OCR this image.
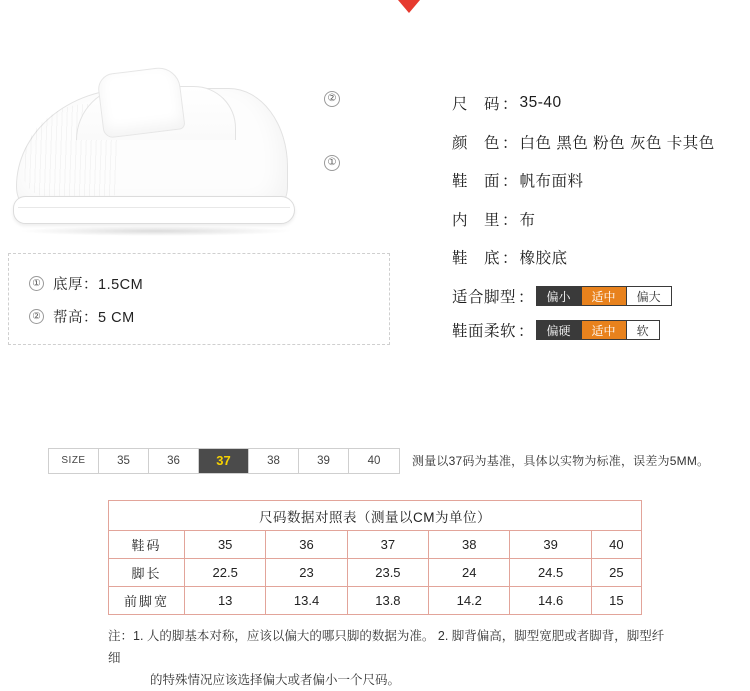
②
①
① 底厚：1.5CM
② 帮高：5 CM
尺　码 ： 35-40
颜　色 ： 白色 黑色 粉色 灰色 卡其色
鞋　面 ： 帆布面料
内　里 ： 布
鞋　底 ： 橡胶底
适合脚型 ：	偏小	适中	偏大
鞋面柔软 ：	偏硬	适中	软
SIZE	35	36	37	38	39	40	测量以37码为基准，具体以实物为标准，误差为5MM。
尺码数据对照表（测量以CM为单位）						
鞋码	35	36	37	38	39	40
脚长	22.5	23	23.5	24	24.5	25
前脚宽	13	13.4	13.8	14.2	14.6	15
注：1. 人的脚基本对称，应该以偏大的哪只脚的数据为准。 2. 脚背偏高，脚型宽肥或者脚背，脚型纤细
的特殊情况应该选择偏大或者偏小一个尺码。
